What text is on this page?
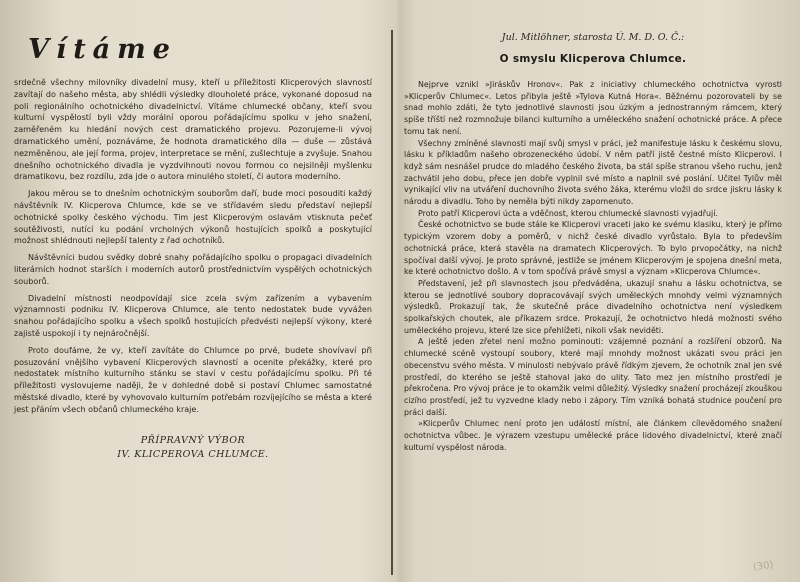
Vítáme

srdečně všechny milovníky divadelní musy, kteří u příležitosti Klicperových slavností zavítají do našeho města, aby shlédli výsledky dlouholeté práce, vykonané doposud na poli regionálního ochotnického divadelnictví. Vítáme chlumecké občany, kteří svou kulturní vyspělostí byli vždy morální oporou pořádajícímu spolku v jeho snažení, zaměřeném ku hledání nových cest dramatického projevu. Pozorujeme-li vývoj dramatického umění, poznáváme, že hodnota dramatického díla — duše — zůstává nezměněnou, ale její forma, projev, interpretace se mění, zušlechtuje a zvyšuje. Snahou dnešního ochotnického divadla je vyzdvihnouti novou formou co nejsilněji myšlenku dramatikovu, bez rozdílu, zda jde o autora minulého století, či autora moderního.

Jakou měrou se to dnešním ochotnickým souborům daří, bude moci posouditi každý návštěvník IV. Klicperova Chlumce, kde se ve střídavém sledu představí nejlepší ochotnické spolky českého východu. Tim jest Klicperovým oslavám vtisknuta pečeť soutěživosti, nutící ku podání vrcholných výkonů hostujících spolků a poskytující možnost shlédnouti nejlepší talenty z řad ochotníků.

Návštěvníci budou svědky dobré snahy pořádajícího spolku o propagaci divadelních literárních hodnot starších i moderních autorů prostřednictvím vyspělých ochotnických souborů.

Divadelní místnosti neodpovídají sice zcela svým zařízením a vybavením významnosti podniku IV. Klicperova Chlumce, ale tento nedostatek bude vyvážen snahou pořádajícího spolku a všech spolků hostujících předvésti nejlepší výkony, které zajistě uspokojí i ty nejnáročnější.

Proto doufáme, že vy, kteří zavítáte do Chlumce po prvé, budete shovívaví při posuzování vnějšího vybavení Klicperových slavností a ocenite překážky, které pro nedostatek místního kulturního stánku se staví v cestu pořádajícímu spolku. Při té příležitosti vyslovujeme naději, že v dohledné době si postaví Chlumec samostatné městské divadlo, které by vyhovovalo kulturním potřebám rozvíjejícího se města a které jest přáním všech občanů chlumeckého kraje.

PŘÍPRAVNÝ VÝBOR
IV. KLICPEROVA CHLUMCE.
Jul. Mitlöhner, starosta Ú. M. D. O. Č.:
O smyslu Klicperova Chlumce.

Nejprve vznikl »Jiráskův Hronov«. Pak z iniciativy chlumeckého ochotnictva vyrostl »Klicperův Chlumec«. Letos přibyla ještě »Tylova Kutná Hora«. Běžnému pozorovateli by se snad mohlo zdáti, že tyto jednotlivé slavnosti jsou úzkým a jednostranným rámcem, který spíše tříští než rozmnožuje bilanci kulturního a uměleckého snažení ochotnické práce. A přece tomu tak není.

Všechny zmíněné slavnosti mají svůj smysl v práci, jež manifestuje lásku k českému slovu, lásku k příkladům našeho obrozeneckého údobí. V něm patří jistě čestné místo Klicperovi. I když sám nesnášel prudce do mladého českého života, ba stál spíše stranou všeho ruchu, jenž zachvátil jeho dobu, přece jen dobře vyplnil své místo a naplnil své poslání. Učitel Tylův měl vynikající vliv na utváření duchovního života svého žáka, kterému vložil do srdce jiskru lásky k národu a divadlu. Toho by neměla býti nikdy zapomenuto.

Proto patří Klicperovi úcta a vděčnost, kterou chlumecké slavnosti vyjadřují.

České ochotnictvo se bude stále ke Klicperovi vraceti jako ke svému klasiku, který je přímo typickým vzorem doby a poměrů, v nichž české divadlo vyrůstalo. Byla to především ochotnická práce, která stavěla na dramatech Klicperových. To bylo prvopočátky, na nichž spočíval další vývoj. Je proto správné, jestliže se jménem Klicperovým je spojena dnešní meta, ke které ochotnictvo došlo. A v tom spočívá právě smysl a význam »Klicperova Chlumce«.

Představení, jež při slavnostech jsou předváděna, ukazují snahu a lásku ochotnictva, se kterou se jednotlivé soubory dopracovávají svých uměleckých mnohdy velmi významných výsledků. Prokazují tak, že skutečně práce divadelního ochotnictva není výsledkem spolkařských choutek, ale příkazem srdce. Prokazují, že ochotnictvo hledá možnosti svého uměleckého projevu, které lze sice přehlížeti, nikoli však neviděti.

A ještě jeden zřetel není možno pominouti: vzájemné poznání a rozšíření obzorů. Na chlumecké scéně vystoupí soubory, které mají mnohdy možnost ukázati svou práci jen obecenstvu svého města. V minulosti nebývalo právě řídkým zjevem, že ochotník znal jen své prostředí, do kterého se ještě stahoval jako do ulity. Tato mez jen místního prostředí je překročena. Pro vývoj práce je to okamžik velmi důležitý. Výsledky snažení procházejí zkouškou cizího prostředí, jež tu vyzvedne klady nebo i zápory. Tím vzniká bohatá studnice poučení pro práci další.

»Klicperův Chlumec není proto jen událostí místní, ale článkem cílevědomého snažení ochotnictva vůbec. Je výrazem vzestupu umělecké práce lidového divadelnictví, které značí kulturní vyspělost národa.

(30)
